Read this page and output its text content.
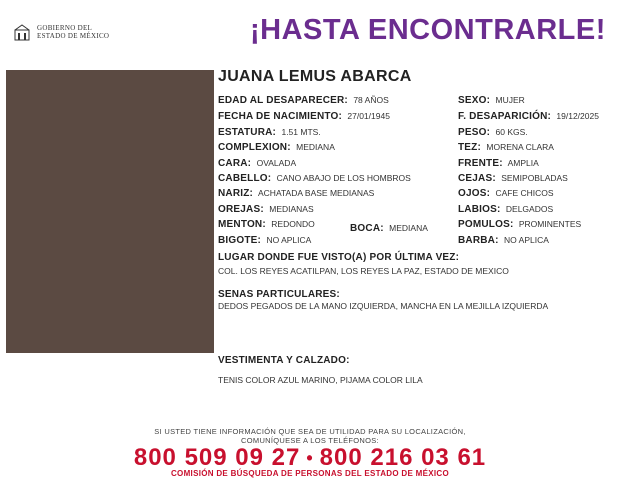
GOBIERNO DEL
ESTADO DE MÉXICO	¡HASTA ENCONTRARLE!
JUANA LEMUS ABARCA
EDAD AL DESAPARECER: 78 AÑOS
FECHA DE NACIMIENTO: 27/01/1945
ESTATURA: 1.51 MTS.
COMPLEXION: MEDIANA
CARA: OVALADA
CABELLO: CANO ABAJO DE LOS HOMBROS
NARIZ: ACHATADA BASE MEDIANAS
OREJAS: MEDIANAS
MENTON: REDONDO	BOCA: MEDIANA
BIGOTE: NO APLICA
SEXO: MUJER
F. DESAPARICIÓN: 19/12/2025
PESO: 60 KGS.
TEZ: MORENA CLARA
FRENTE: AMPLIA
CEJAS: SEMIPOBLADAS
OJOS: CAFE CHICOS
LABIOS: DELGADOS
POMULOS: PROMINENTES
BARBA: NO APLICA
LUGAR DONDE FUE VISTO(A) POR ÚLTIMA VEZ:
COL. LOS REYES ACATILPAN, LOS REYES LA PAZ, ESTADO DE MEXICO
SENAS PARTICULARES:
DEDOS PEGADOS DE LA MANO IZQUIERDA, MANCHA EN LA MEJILLA IZQUIERDA
VESTIMENTA Y CALZADO:
TENIS COLOR AZUL MARINO, PIJAMA COLOR LILA
SI USTED TIENE INFORMACIÓN QUE SEA DE UTILIDAD PARA SU LOCALIZACIÓN,
COMUNÍQUESE A LOS TELÉFONOS:
800 509 09 27 • 800 216 03 61
COMISIÓN DE BÚSQUEDA DE PERSONAS DEL ESTADO DE MÉXICO
